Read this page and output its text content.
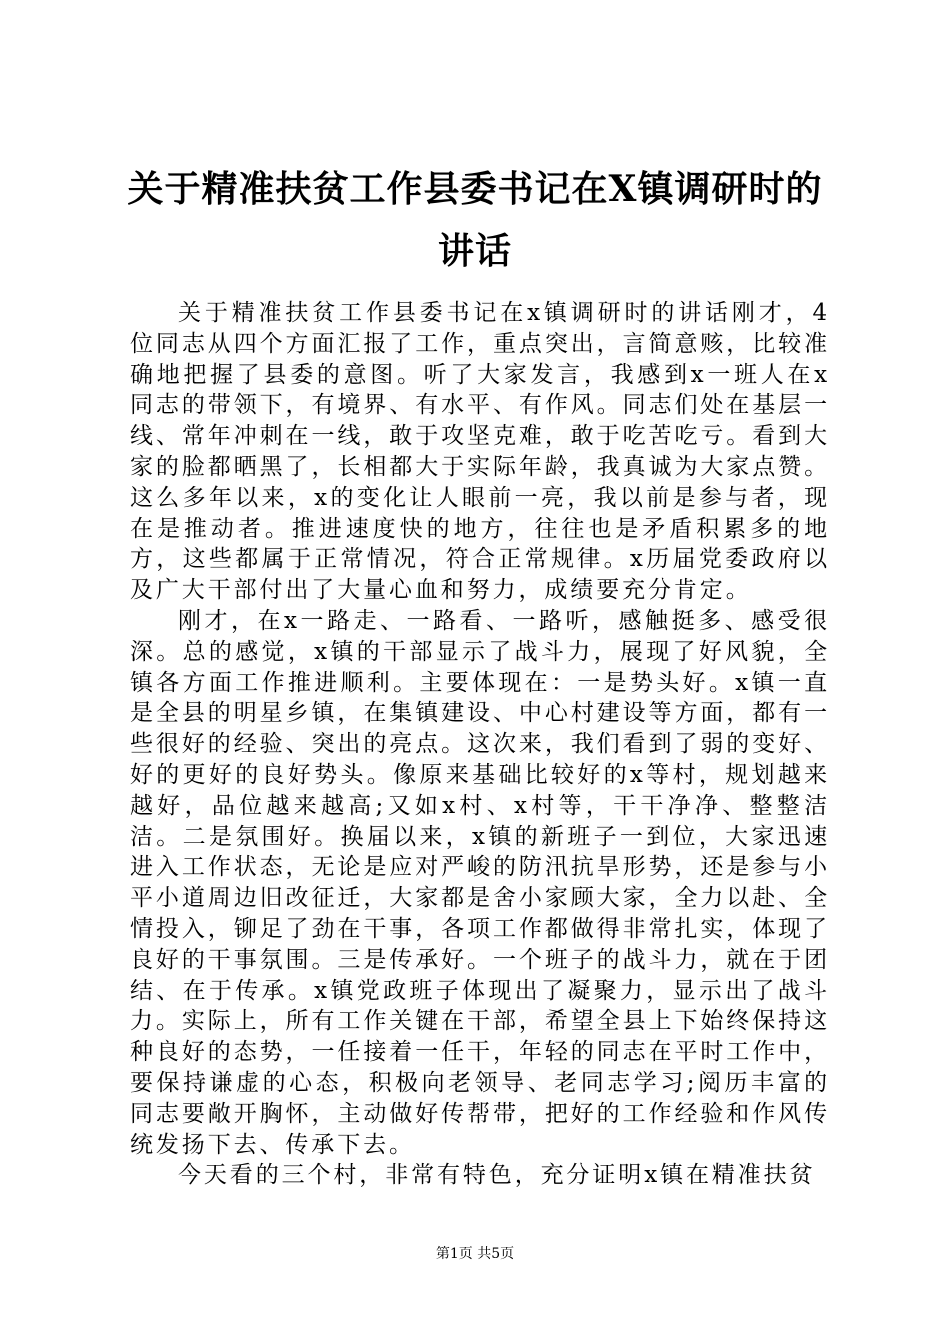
关于精准扶贫工作县委书记在X镇调研时的讲话

关于精准扶贫工作县委书记在x镇调研时的讲话刚才，4位同志从四个方面汇报了工作，重点突出，言简意赅，比较准确地把握了县委的意图。听了大家发言，我感到x一班人在x同志的带领下，有境界、有水平、有作风。同志们处在基层一线、常年冲刺在一线，敢于攻坚克难，敢于吃苦吃亏。看到大家的脸都晒黑了，长相都大于实际年龄，我真诚为大家点赞。这么多年以来，x的变化让人眼前一亮，我以前是参与者，现在是推动者。推进速度快的地方，往往也是矛盾积累多的地方，这些都属于正常情况，符合正常规律。x历届党委政府以及广大干部付出了大量心血和努力，成绩要充分肯定。

刚才，在x一路走、一路看、一路听，感触挺多、感受很深。总的感觉，x镇的干部显示了战斗力，展现了好风貌，全镇各方面工作推进顺利。主要体现在：一是势头好。x镇一直是全县的明星乡镇，在集镇建设、中心村建设等方面，都有一些很好的经验、突出的亮点。这次来，我们看到了弱的变好、好的更好的良好势头。像原来基础比较好的x等村，规划越来越好，品位越来越高;又如x村、x村等，干干净净、整整洁洁。二是氛围好。换届以来，x镇的新班子一到位，大家迅速进入工作状态，无论是应对严峻的防汛抗旱形势，还是参与小平小道周边旧改征迁，大家都是舍小家顾大家，全力以赴、全情投入，铆足了劲在干事，各项工作都做得非常扎实，体现了良好的干事氛围。三是传承好。一个班子的战斗力，就在于团结、在于传承。x镇党政班子体现出了凝聚力，显示出了战斗力。实际上，所有工作关键在干部，希望全县上下始终保持这种良好的态势，一任接着一任干，年轻的同志在平时工作中，要保持谦虚的心态，积极向老领导、老同志学习;阅历丰富的同志要敞开胸怀，主动做好传帮带，把好的工作经验和作风传统发扬下去、传承下去。

今天看的三个村，非常有特色，充分证明x镇在精准扶贫

第1页 共5页
